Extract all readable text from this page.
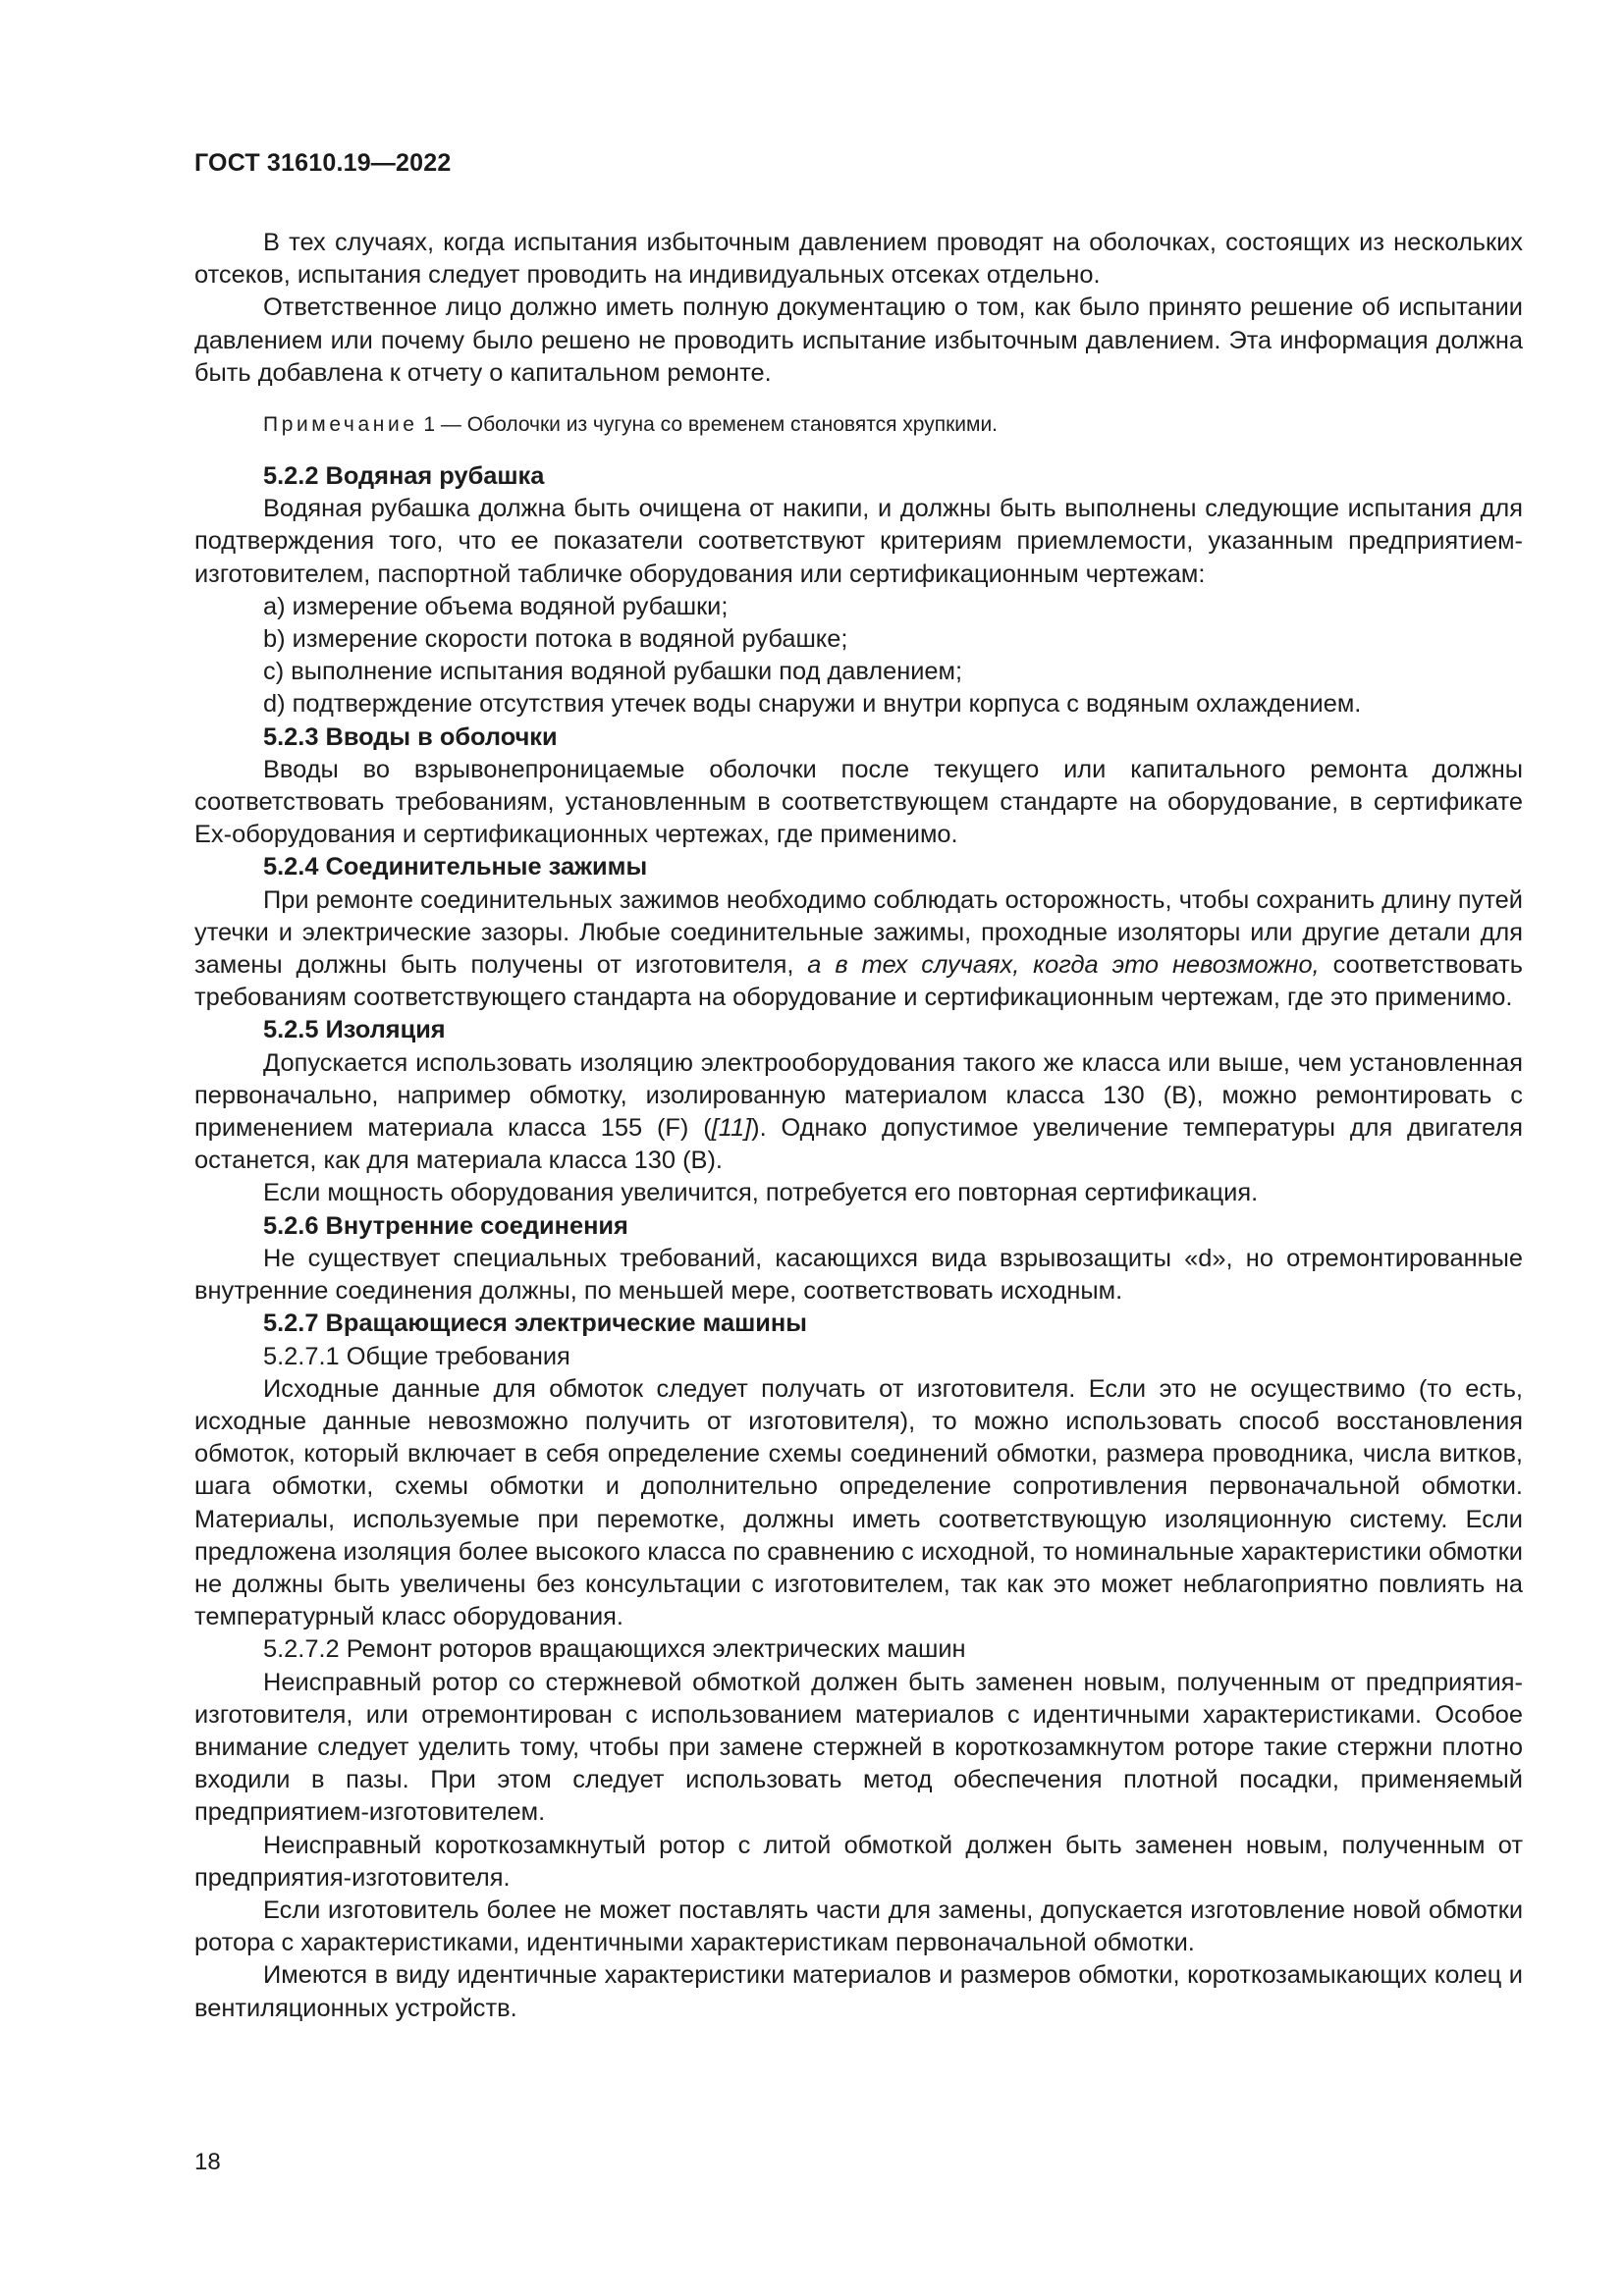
ГОСТ 31610.19—2022

В тех случаях, когда испытания избыточным давлением проводят на оболочках, состоящих из нескольких отсеков, испытания следует проводить на индивидуальных отсеках отдельно.

Ответственное лицо должно иметь полную документацию о том, как было принято решение об испытании давлением или почему было решено не проводить испытание избыточным давлением. Эта информация должна быть добавлена к отчету о капитальном ремонте.

Примечание 1 — Оболочки из чугуна со временем становятся хрупкими.

5.2.2 Водяная рубашка

Водяная рубашка должна быть очищена от накипи, и должны быть выполнены следующие испытания для подтверждения того, что ее показатели соответствуют критериям приемлемости, указанным предприятием-изготовителем, паспортной табличке оборудования или сертификационным чертежам:

a) измерение объема водяной рубашки;

b) измерение скорости потока в водяной рубашке;

c) выполнение испытания водяной рубашки под давлением;

d) подтверждение отсутствия утечек воды снаружи и внутри корпуса с водяным охлаждением.

5.2.3 Вводы в оболочки

Вводы во взрывонепроницаемые оболочки после текущего или капитального ремонта должны соответствовать требованиям, установленным в соответствующем стандарте на оборудование, в сертификате Ex-оборудования и сертификационных чертежах, где применимо.

5.2.4 Соединительные зажимы

При ремонте соединительных зажимов необходимо соблюдать осторожность, чтобы сохранить длину путей утечки и электрические зазоры. Любые соединительные зажимы, проходные изоляторы или другие детали для замены должны быть получены от изготовителя, а в тех случаях, когда это невозможно, соответствовать требованиям соответствующего стандарта на оборудование и сертификационным чертежам, где это применимо.

5.2.5 Изоляция

Допускается использовать изоляцию электрооборудования такого же класса или выше, чем установленная первоначально, например обмотку, изолированную материалом класса 130 (B), можно ремонтировать с применением материала класса 155 (F) ([11]). Однако допустимое увеличение температуры для двигателя останется, как для материала класса 130 (B).

Если мощность оборудования увеличится, потребуется его повторная сертификация.

5.2.6 Внутренние соединения

Не существует специальных требований, касающихся вида взрывозащиты «d», но отремонтированные внутренние соединения должны, по меньшей мере, соответствовать исходным.

5.2.7 Вращающиеся электрические машины

5.2.7.1 Общие требования

Исходные данные для обмоток следует получать от изготовителя. Если это не осуществимо (то есть, исходные данные невозможно получить от изготовителя), то можно использовать способ восстановления обмоток, который включает в себя определение схемы соединений обмотки, размера проводника, числа витков, шага обмотки, схемы обмотки и дополнительно определение сопротивления первоначальной обмотки. Материалы, используемые при перемотке, должны иметь соответствующую изоляционную систему. Если предложена изоляция более высокого класса по сравнению с исходной, то номинальные характеристики обмотки не должны быть увеличены без консультации с изготовителем, так как это может неблагоприятно повлиять на температурный класс оборудования.

5.2.7.2 Ремонт роторов вращающихся электрических машин

Неисправный ротор со стержневой обмоткой должен быть заменен новым, полученным от предприятия-изготовителя, или отремонтирован с использованием материалов с идентичными характеристиками. Особое внимание следует уделить тому, чтобы при замене стержней в короткозамкнутом роторе такие стержни плотно входили в пазы. При этом следует использовать метод обеспечения плотной посадки, применяемый предприятием-изготовителем.

Неисправный короткозамкнутый ротор с литой обмоткой должен быть заменен новым, полученным от предприятия-изготовителя.

Если изготовитель более не может поставлять части для замены, допускается изготовление новой обмотки ротора с характеристиками, идентичными характеристикам первоначальной обмотки.

Имеются в виду идентичные характеристики материалов и размеров обмотки, короткозамыкающих колец и вентиляционных устройств.

18
